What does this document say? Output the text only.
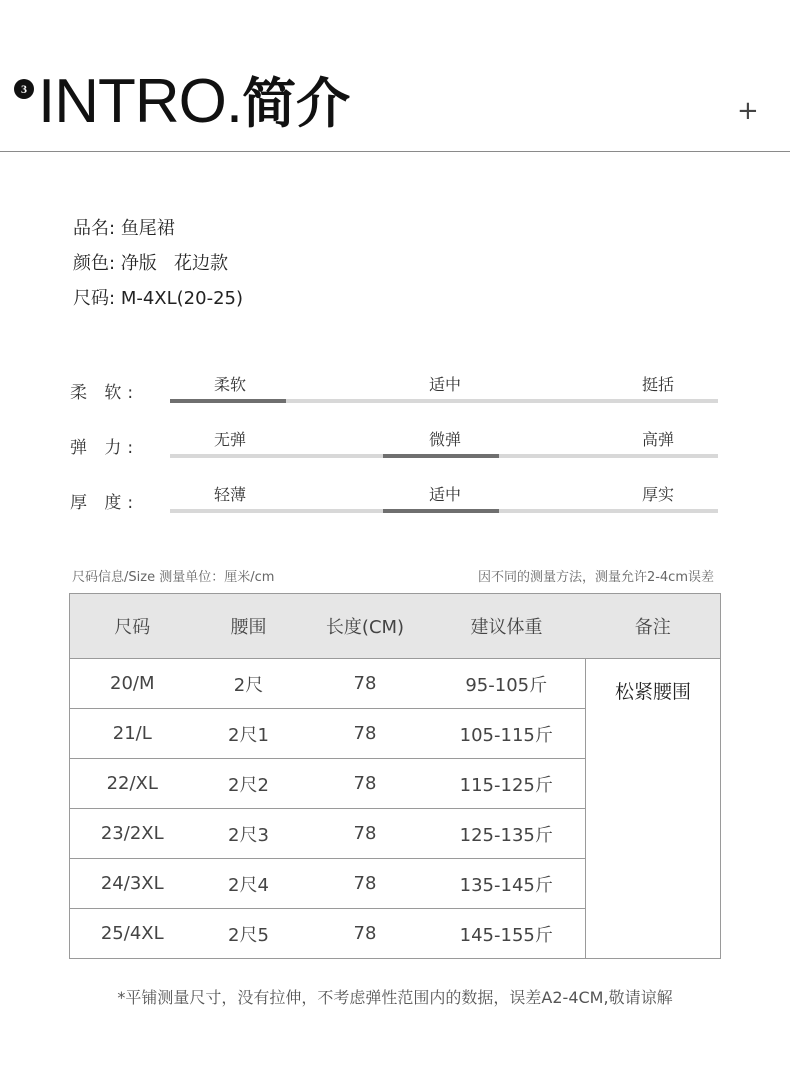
3 INTRO.简介	+
品名: 鱼尾裙
颜色: 净版   花边款
尺码: M-4XL(20-25)
柔 软:	柔软	适中	挺括
弹 力:	无弹	微弹	高弹
厚 度:	轻薄	适中	厚实
尺码信息/Size 测量单位：厘米/cm	因不同的测量方法，测量允许2-4cm误差
尺码	腰围	长度(CM)	建议体重	备注
20/M	2尺	78	95-105斤	松紧腰围
21/L	2尺1	78	105-115斤	
22/XL	2尺2	78	115-125斤	
23/2XL	2尺3	78	125-135斤	
24/3XL	2尺4	78	135-145斤	
25/4XL	2尺5	78	145-155斤	
*平铺测量尺寸，没有拉伸，不考虑弹性范围内的数据，误差A2-4CM,敬请谅解
